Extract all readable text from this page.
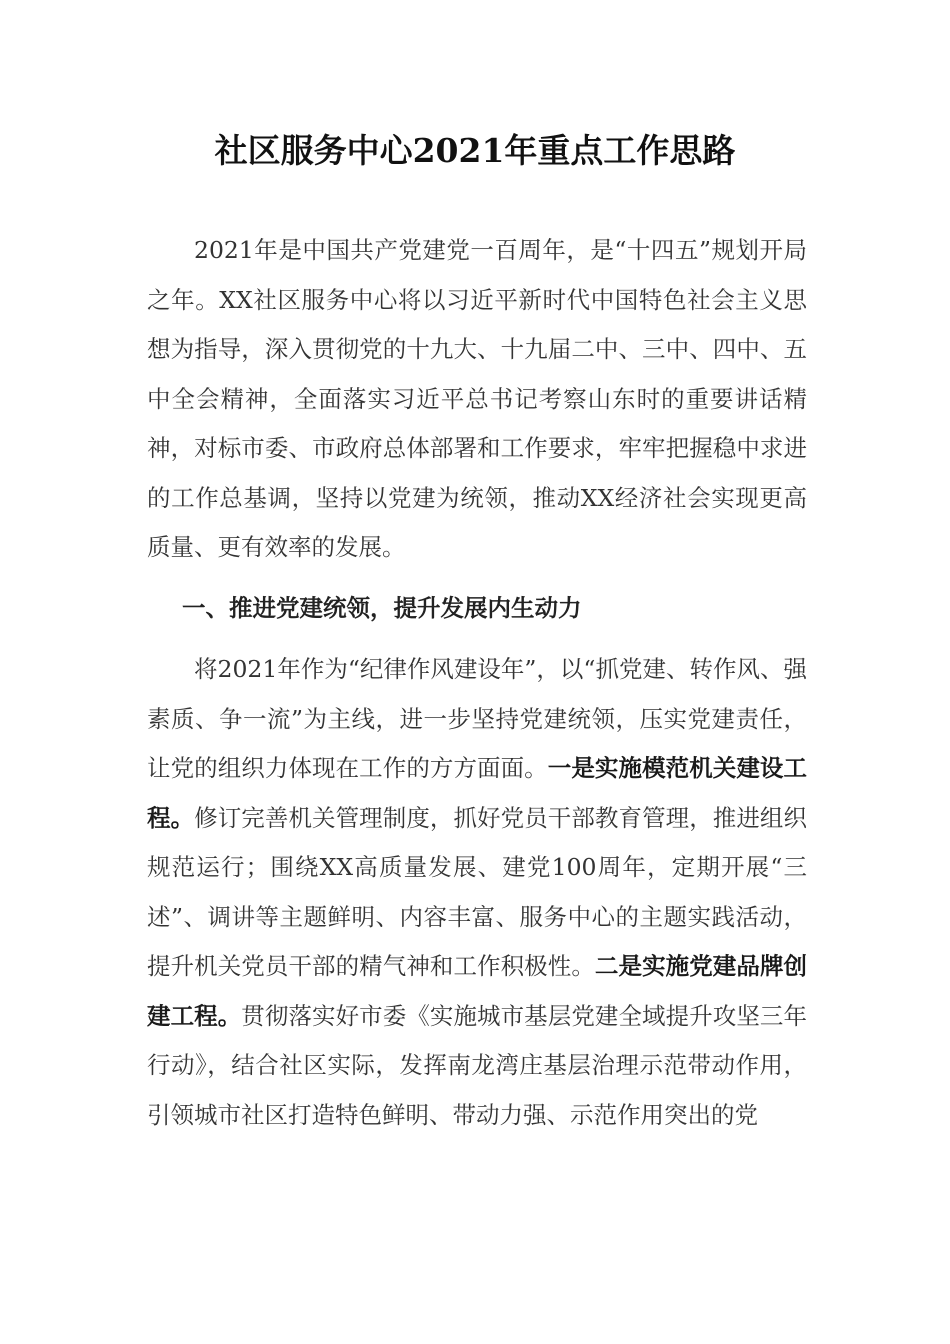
社区服务中心2021年重点工作思路

2021年是中国共产党建党一百周年，是“十四五”规划开局之年。XX社区服务中心将以习近平新时代中国特色社会主义思想为指导，深入贯彻党的十九大、十九届二中、三中、四中、五中全会精神，全面落实习近平总书记考察山东时的重要讲话精神，对标市委、市政府总体部署和工作要求，牢牢把握稳中求进的工作总基调，坚持以党建为统领，推动XX经济社会实现更高质量、更有效率的发展。

一、推进党建统领，提升发展内生动力

将2021年作为“纪律作风建设年”，以“抓党建、转作风、强素质、争一流”为主线，进一步坚持党建统领，压实党建责任，让党的组织力体现在工作的方方面面。一是实施模范机关建设工程。修订完善机关管理制度，抓好党员干部教育管理，推进组织规范运行；围绕XX高质量发展、建党100周年，定期开展“三述”、调讲等主题鲜明、内容丰富、服务中心的主题实践活动，提升机关党员干部的精气神和工作积极性。二是实施党建品牌创建工程。贯彻落实好市委《实施城市基层党建全域提升攻坚三年行动》，结合社区实际，发挥南龙湾庄基层治理示范带动作用，引领城市社区打造特色鲜明、带动力强、示范作用突出的党
